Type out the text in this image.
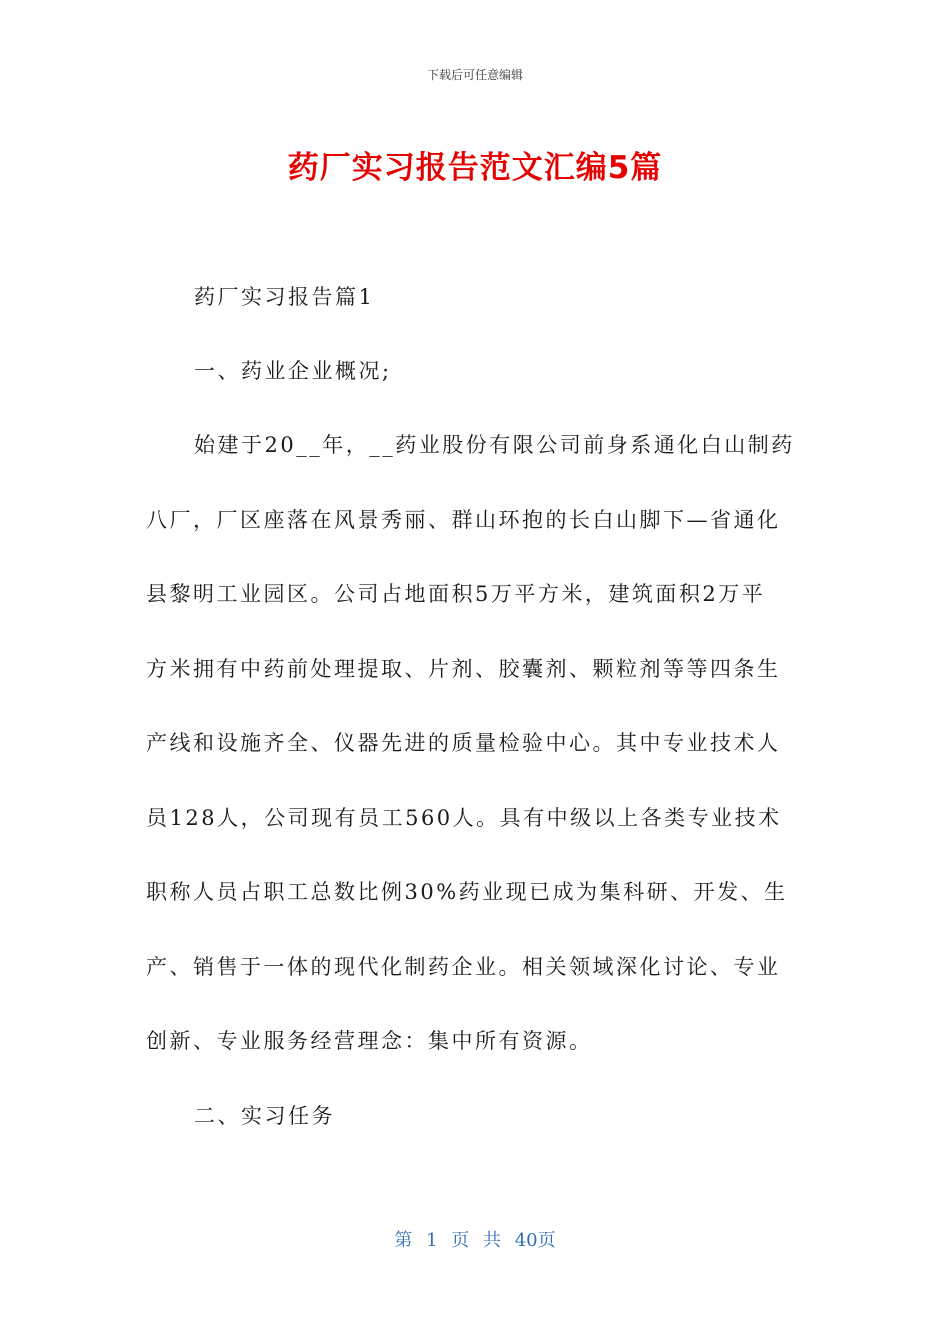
下载后可任意编辑
药厂实习报告范文汇编5篇
药厂实习报告篇1
一、药业企业概况;
始建于20__年，__药业股份有限公司前身系通化白山制药
八厂，厂区座落在风景秀丽、群山环抱的长白山脚下—省通化
县黎明工业园区。公司占地面积5万平方米，建筑面积2万平
方米拥有中药前处理提取、片剂、胶囊剂、颗粒剂等等四条生
产线和设施齐全、仪器先进的质量检验中心。其中专业技术人
员128人，公司现有员工560人。具有中级以上各类专业技术
职称人员占职工总数比例30%药业现已成为集科研、开发、生
产、销售于一体的现代化制药企业。相关领域深化讨论、专业
创新、专业服务经营理念：集中所有资源。
二、实习任务
第 1 页 共 40页
